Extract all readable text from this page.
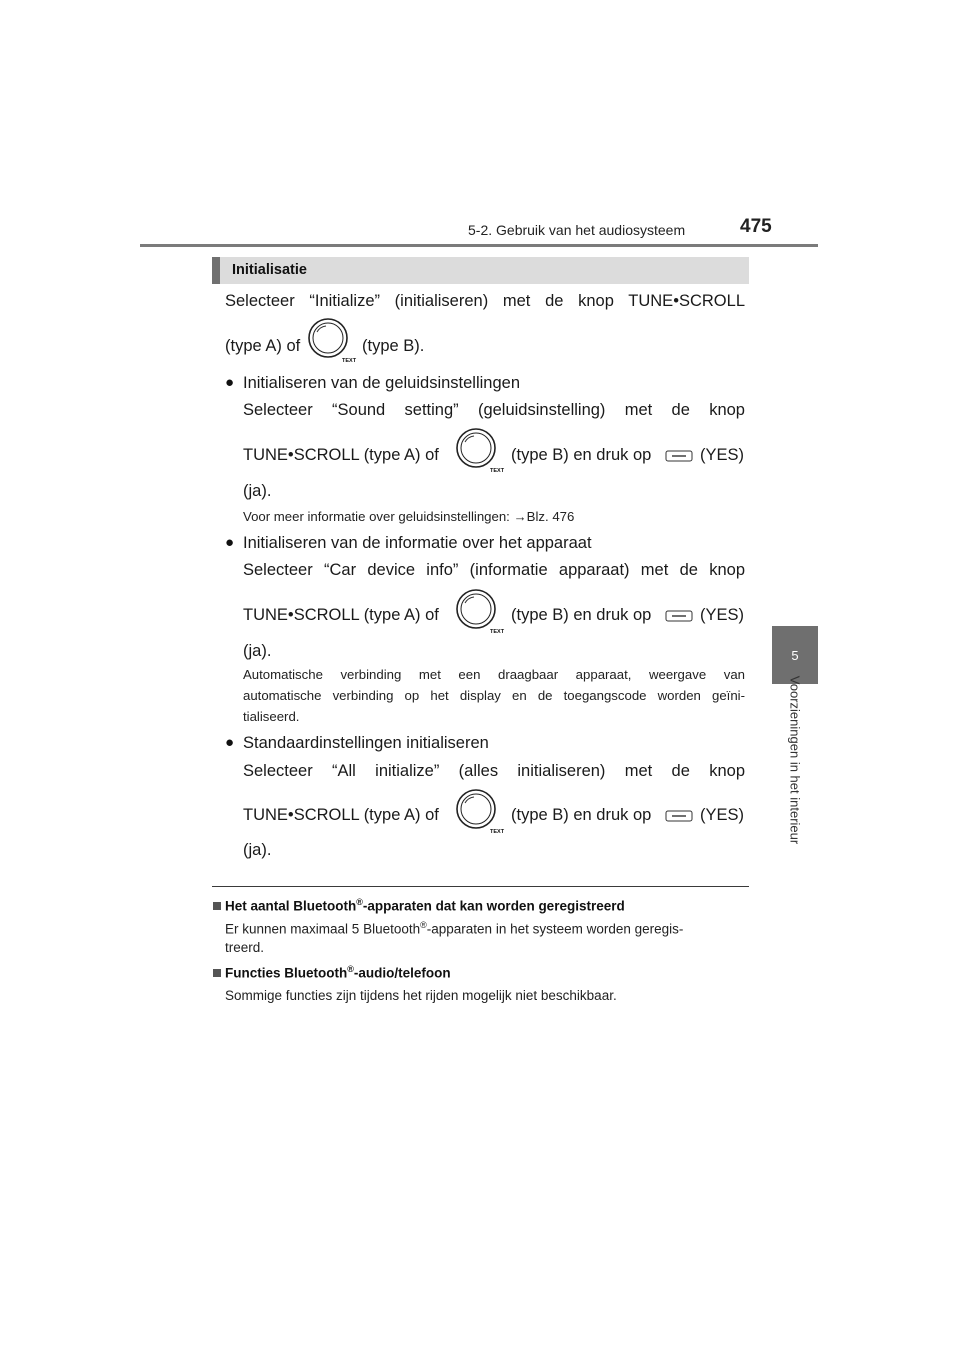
5-2. Gebruik van het audiosysteem	475
5
Voorzieningen in het interieur
Initialisatie
Selecteer “Initialize” (initialiseren) met de knop TUNE•SCROLL
(type A) of
TEXT
(type B).
● Initialiseren van de geluidsinstellingen
Selecteer “Sound setting” (geluidsinstelling) met de knop
TUNE•SCROLL (type A) of
TEXT
(type B) en druk op	(YES)
(ja).
Voor meer informatie over geluidsinstellingen: →Blz. 476
● Initialiseren van de informatie over het apparaat
Selecteer “Car device info” (informatie apparaat) met de knop
TUNE•SCROLL (type A) of
TEXT
(type B) en druk op	(YES)
(ja).
Automatische verbinding met een draagbaar apparaat, weergave van
automatische verbinding op het display en de toegangscode worden geïni-
tialiseerd.
● Standaardinstellingen initialiseren
Selecteer “All initialize” (alles initialiseren) met de knop
TUNE•SCROLL (type A) of
TEXT
(type B) en druk op	(YES)
(ja).
Het aantal Bluetooth®-apparaten dat kan worden geregistreerd
Er kunnen maximaal 5 Bluetooth®-apparaten in het systeem worden geregis-
treerd.
Functies Bluetooth®-audio/telefoon
Sommige functies zijn tijdens het rijden mogelijk niet beschikbaar.
